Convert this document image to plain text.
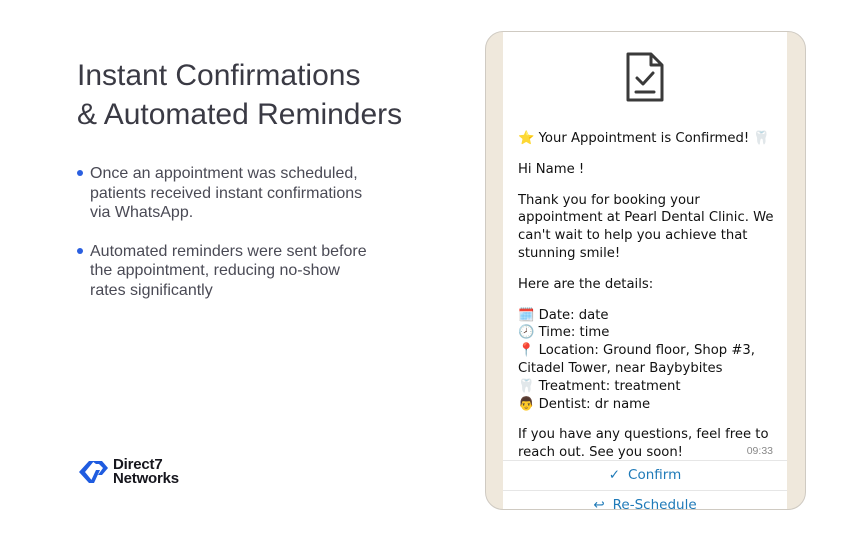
Instant Confirmations
& Automated Reminders
Once an appointment was scheduled, patients received instant confirmations via WhatsApp.
Automated reminders were sent before the appointment, reducing no-show rates significantly
Direct7
Networks

⭐ Your Appointment is Confirmed! 🦷

Hi Name !

Thank you for booking your appointment at Pearl Dental Clinic. We can't wait to help you achieve that stunning smile!

Here are the details:

🗓️ Date: date

🕗 Time: time

📍 Location: Ground floor, Shop #3, Citadel Tower, near Baybybites

🦷 Treatment: treatment

👨 Dentist: dr name

If you have any questions, feel free to reach out. See you soon!	09:33
✓ Confirm
↩ Re-Schedule
